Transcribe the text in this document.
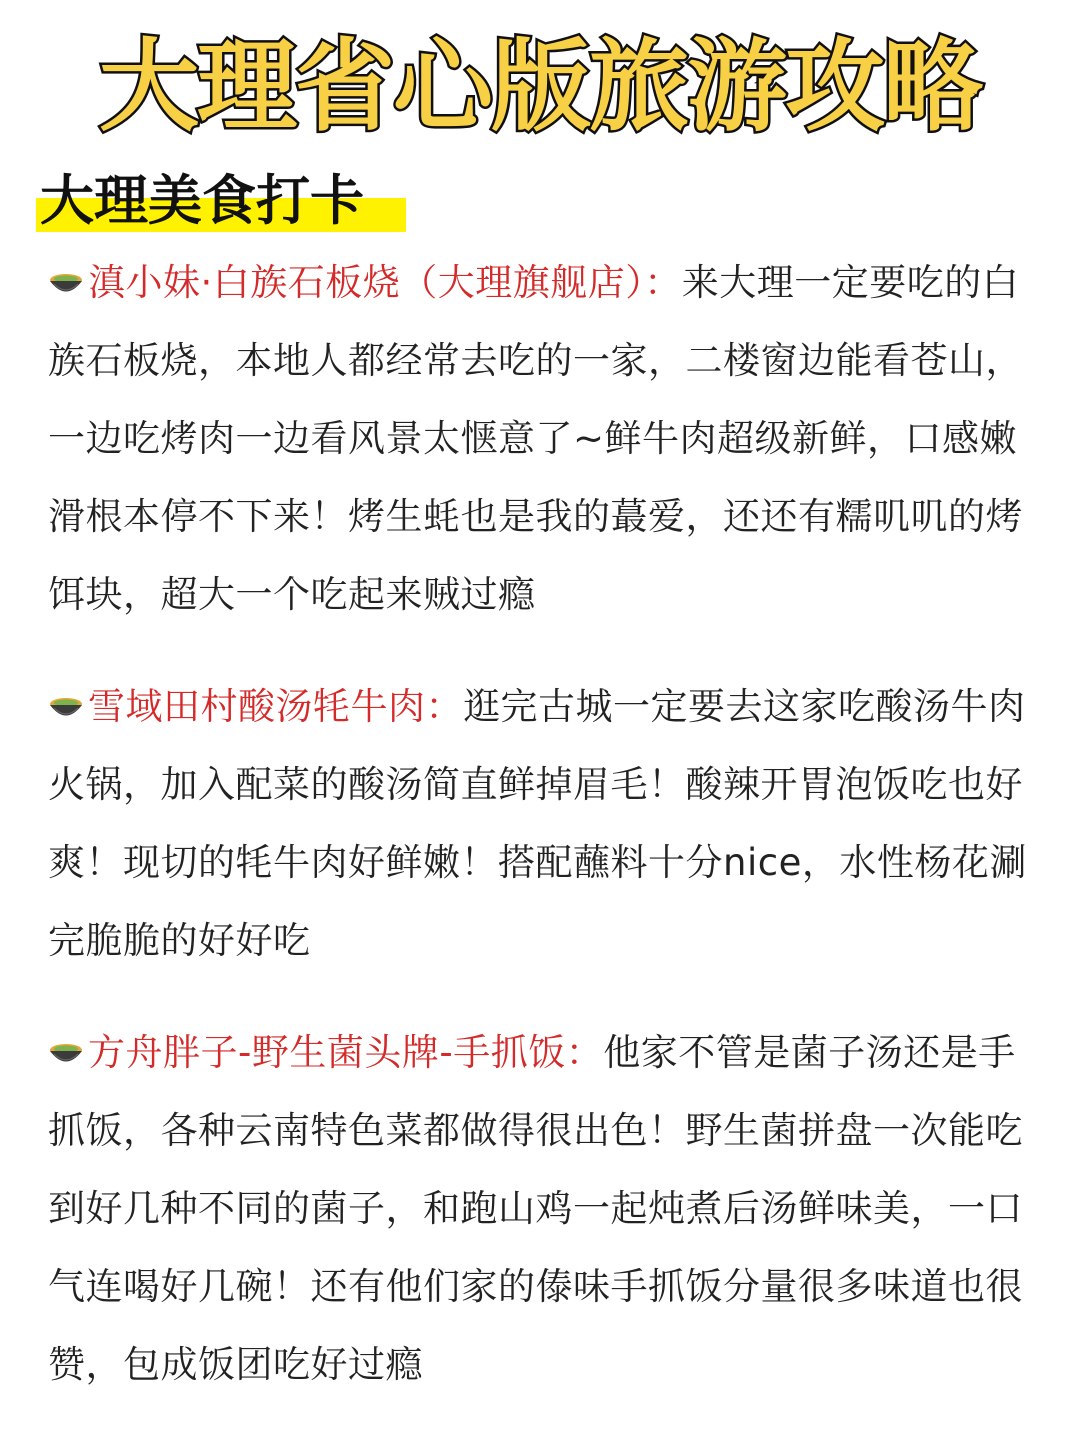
大理省心版旅游攻略
大理美食打卡
滇小妹·白族石板烧（大理旗舰店）：来大理一定要吃的白族石板烧，本地人都经常去吃的一家，二楼窗边能看苍山，一边吃烤肉一边看风景太惬意了~鲜牛肉超级新鲜，口感嫩滑根本停不下来！烤生蚝也是我的蕞爱，还还有糯叽叽的烤饵块，超大一个吃起来贼过瘾
雪域田村酸汤牦牛肉：逛完古城一定要去这家吃酸汤牛肉火锅，加入配菜的酸汤简直鲜掉眉毛！酸辣开胃泡饭吃也好爽！现切的牦牛肉好鲜嫩！搭配蘸料十分nice，水性杨花涮完脆脆的好好吃
方舟胖子-野生菌头牌-手抓饭：他家不管是菌子汤还是手抓饭，各种云南特色菜都做得很出色！野生菌拼盘一次能吃到好几种不同的菌子，和跑山鸡一起炖煮后汤鲜味美，一口气连喝好几碗！还有他们家的傣味手抓饭分量很多味道也很赞，包成饭团吃好过瘾
